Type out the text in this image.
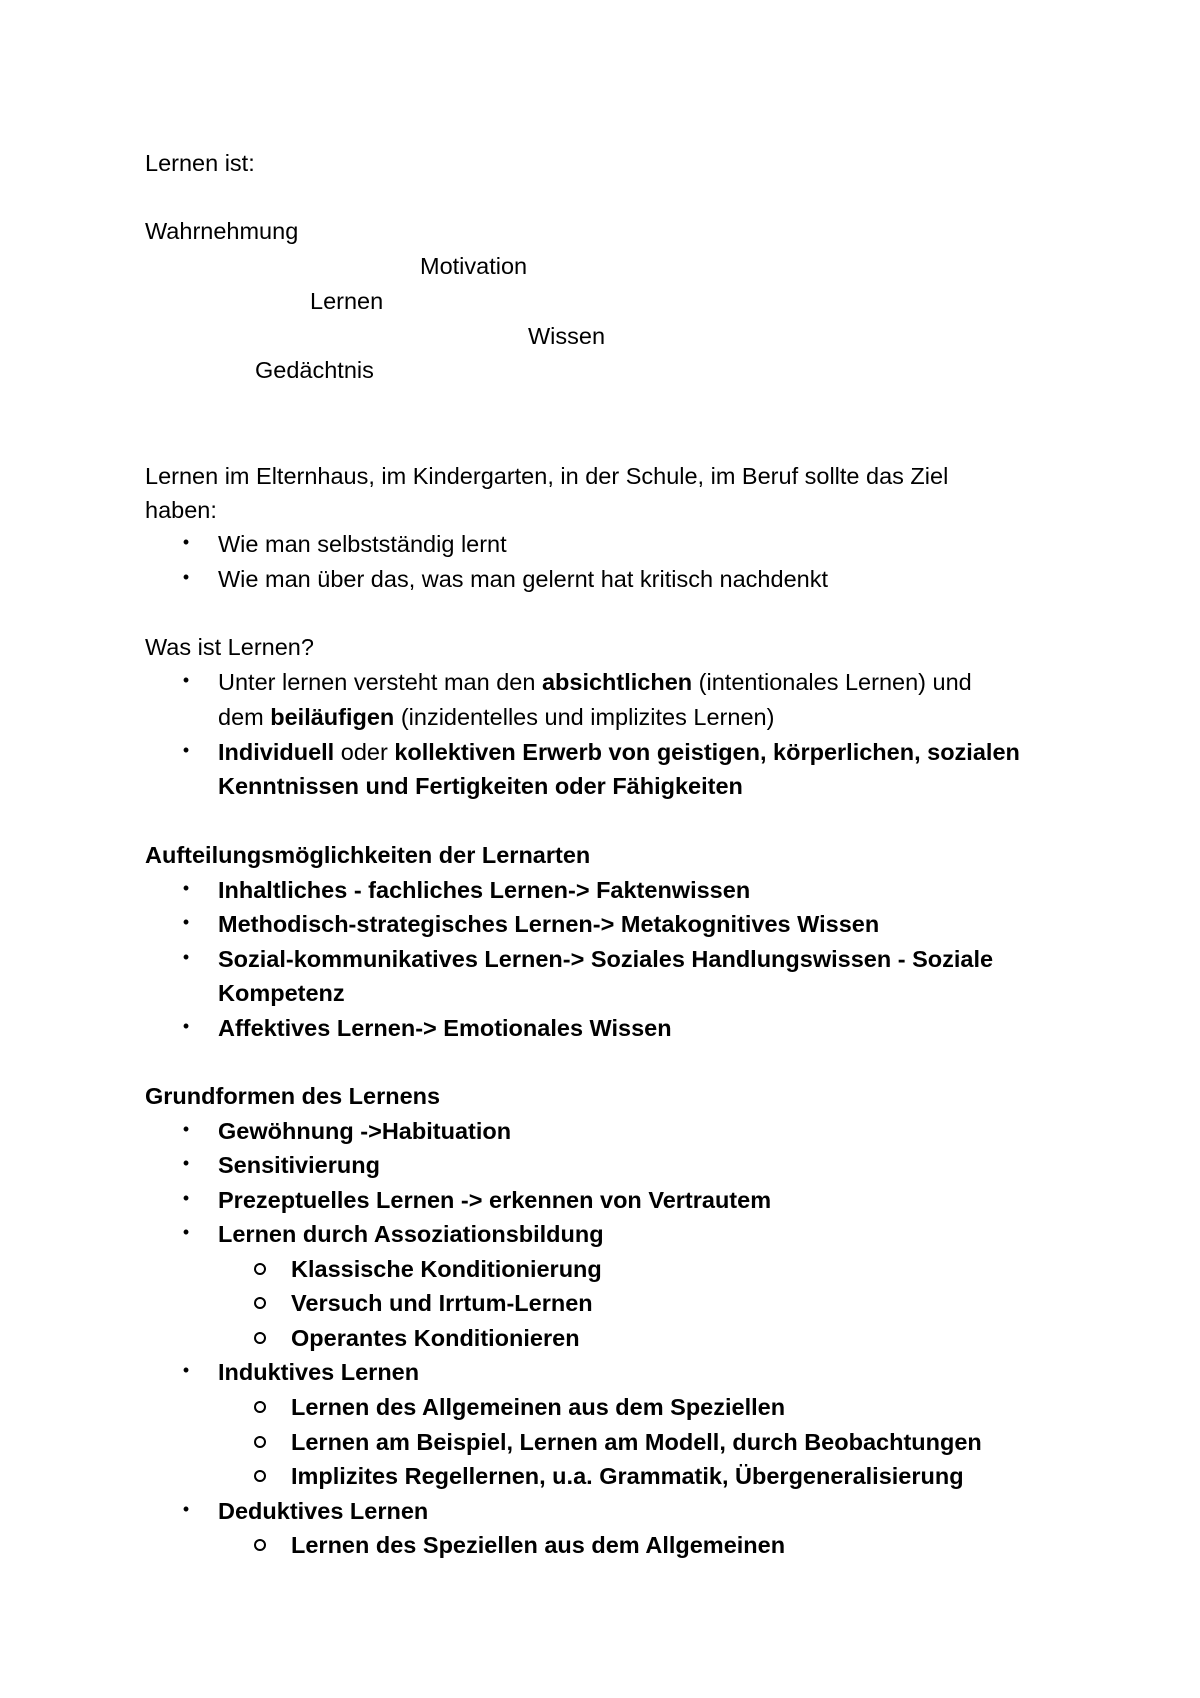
Lernen ist:
Wahrnehmung
Motivation
Lernen
Wissen
Gedächtnis
Lernen im Elternhaus, im Kindergarten, in der Schule, im Beruf sollte das Ziel
haben:
• Wie man selbstständig lernt
• Wie man über das, was man gelernt hat kritisch nachdenkt
Was ist Lernen?
• Unter lernen versteht man den absichtlichen (intentionales Lernen) und
dem beiläufigen (inzidentelles und implizites Lernen)
• Individuell oder kollektiven Erwerb von geistigen, körperlichen, sozialen
Kenntnissen und Fertigkeiten oder Fähigkeiten
Aufteilungsmöglichkeiten der Lernarten
• Inhaltliches - fachliches Lernen-> Faktenwissen
• Methodisch-strategisches Lernen-> Metakognitives Wissen
• Sozial-kommunikatives Lernen-> Soziales Handlungswissen - Soziale
Kompetenz
• Affektives Lernen-> Emotionales Wissen
Grundformen des Lernens
• Gewöhnung ->Habituation
• Sensitivierung
• Prezeptuelles Lernen -> erkennen von Vertrautem
• Lernen durch Assoziationsbildung
Klassische Konditionierung
Versuch und Irrtum-Lernen
Operantes Konditionieren
• Induktives Lernen
Lernen des Allgemeinen aus dem Speziellen
Lernen am Beispiel, Lernen am Modell, durch Beobachtungen
Implizites Regellernen, u.a. Grammatik, Übergeneralisierung
• Deduktives Lernen
Lernen des Speziellen aus dem Allgemeinen
